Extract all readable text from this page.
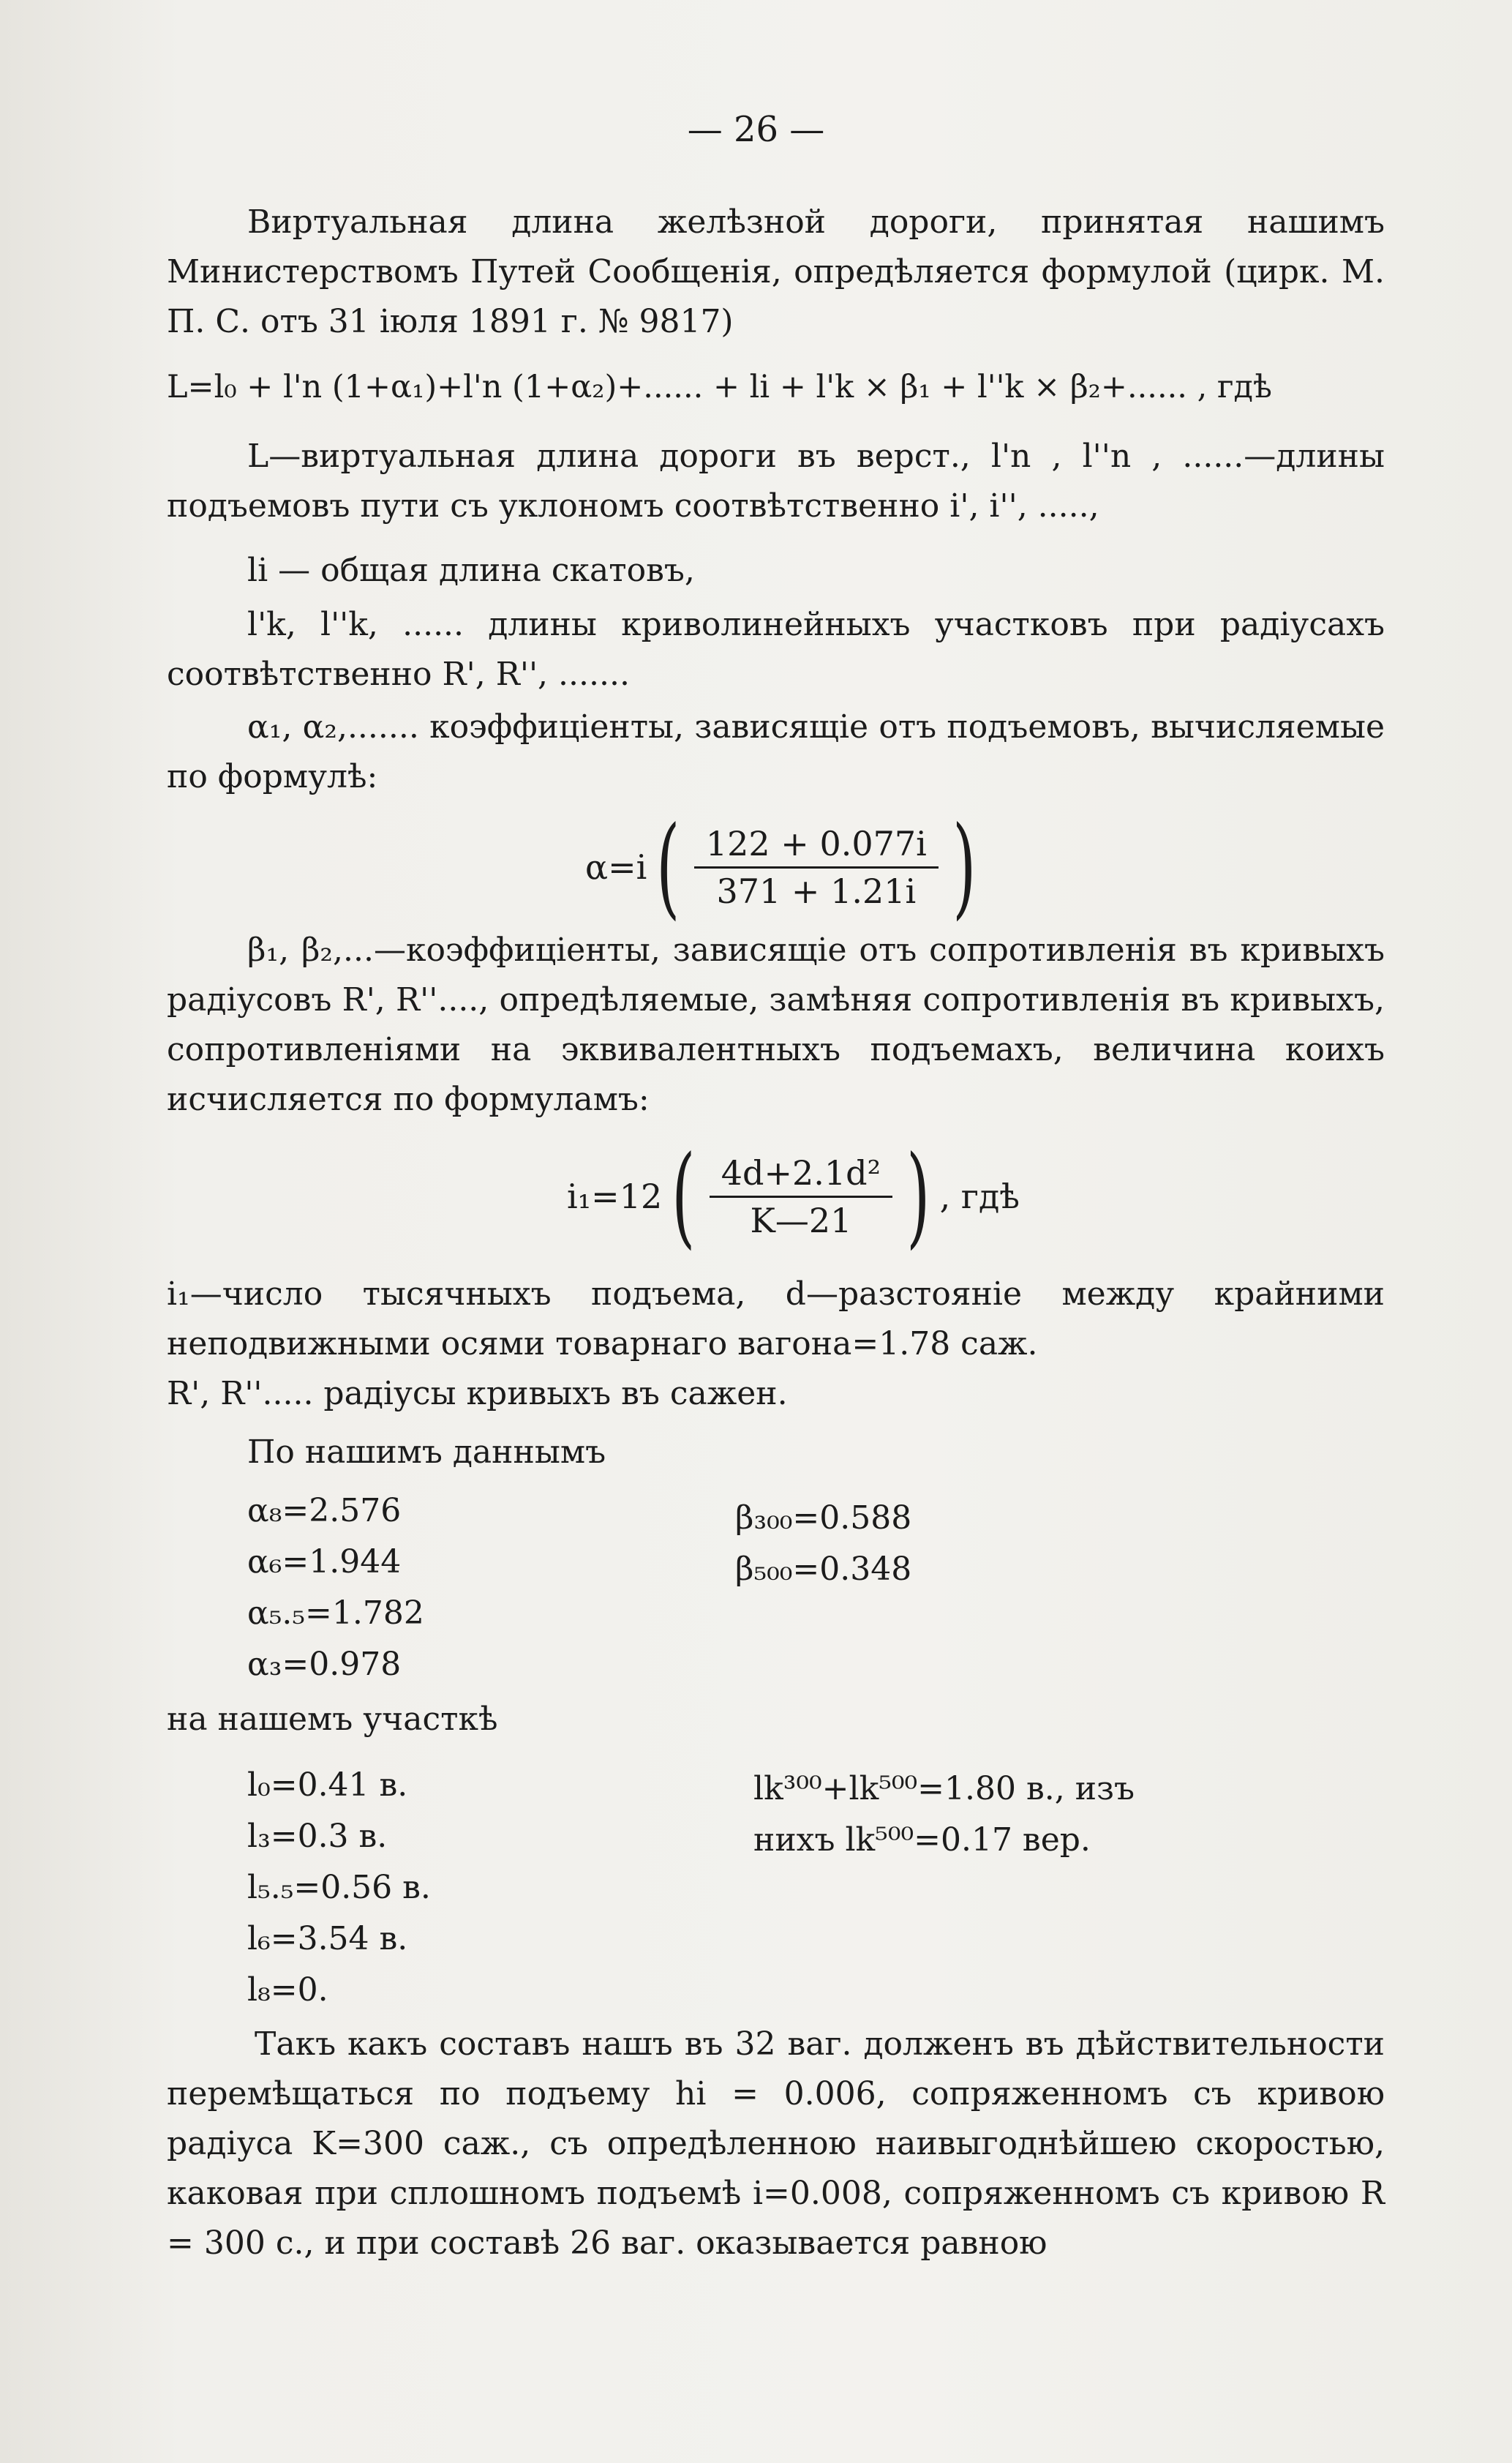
— 26 —
Виртуальная длина желѣзной дороги, принятая нашимъ Министерствомъ Путей Сообщенія, опредѣляется формулой (цирк. М. П. С. отъ 31 іюля 1891 г. № 9817)
L=l₀ + l'n (1+α₁)+l'n (1+α₂)+...... + li + l'k × β₁ + l''k × β₂+...... , гдѣ
L—виртуальная длина дороги въ верст., l'n , l''n , ......—длины подъемовъ пути съ уклономъ соотвѣтственно i', i'', .....,
li — общая длина скатовъ,
l'k, l''k, ...... длины криволинейныхъ участковъ при радіусахъ соотвѣтственно R', R'', .......
α₁, α₂,....... коэффиціенты, зависящіе отъ подъемовъ, вычисляемые по формулѣ:
α=i ( $\frac{122 + 0.077i}{371 + 1.21i}$ )
β₁, β₂,...—коэффиціенты, зависящіе отъ сопротивленія въ кривыхъ радіусовъ R', R''...., опредѣляемые, замѣняя сопротивленія въ кривыхъ, сопротивленіями на эквивалентныхъ подъемахъ, величина коихъ исчисляется по формуламъ:
i₁=12 ( $\frac{\text{4d+2.1d²}}{K—21}$ ) , гдѣ
i₁—число тысячныхъ подъема, d—разстояніе между крайними неподвижными осями товарнаго вагона=1.78 саж.
R', R''..... радіусы кривыхъ въ сажен.
По нашимъ даннымъ
α₈=2.576
α₆=1.944
α₅.₅=1.782
α₃=0.978
β₃₀₀=0.588
β₅₀₀=0.348
на нашемъ участкѣ
l₀=0.41 в.
l₃=0.3 в.
l₅.₅=0.56 в.
l₆=3.54 в.
l₈=0.
lk³⁰⁰+lk⁵⁰⁰=1.80 в., изъ
нихъ lk⁵⁰⁰=0.17 вер.
Такъ какъ составъ нашъ въ 32 ваг. долженъ въ дѣйствительности перемѣщаться по подъему hi = 0.006, сопряженномъ съ кривою радіуса K=300 саж., съ опредѣленною наивыгоднѣйшею скоростью, каковая при сплошномъ подъемѣ i=0.008, сопряженномъ съ кривою R = 300 с., и при составѣ 26 ваг. оказывается равною
